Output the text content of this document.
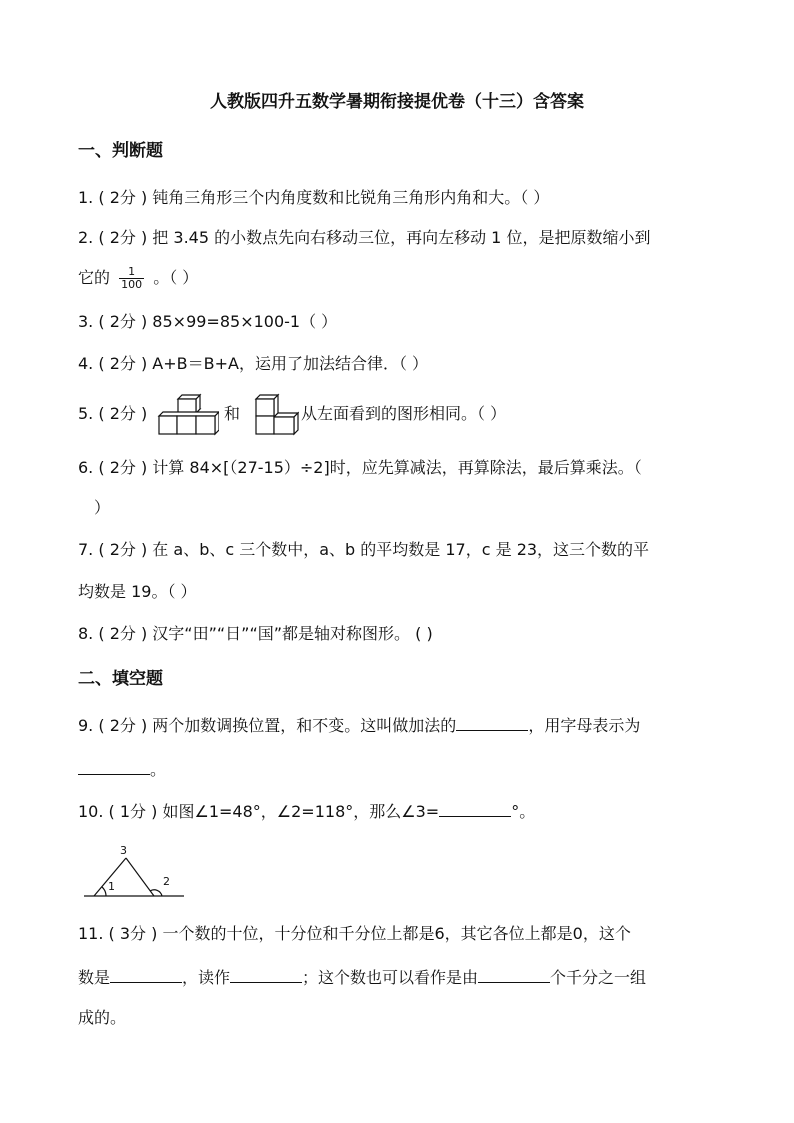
人教版四升五数学暑期衔接提优卷（十三）含答案
一、判断题
1. ( 2分 ) 钝角三角形三个内角度数和比锐角三角形内角和大。（ ）
2. ( 2分 ) 把 3.45 的小数点先向右移动三位，再向左移动 1 位，是把原数缩小到
它的 $\frac{1}{100}$ 。（ ）
3. ( 2分 ) 85×99=85×100-1（ ）
4. ( 2分 ) A+B＝B+A，运用了加法结合律．（ ）
5. ( 2分 )	和	从左面看到的图形相同。（ ）
6. ( 2分 ) 计算 84×[（27-15）÷2]时，应先算减法，再算除法，最后算乘法。（
）
7. ( 2分 ) 在 a、b、c 三个数中，a、b 的平均数是 17，c 是 23，这三个数的平
均数是 19。（ ）
8. ( 2分 ) 汉字“田”“日”“国”都是轴对称图形。 ( )
二、填空题
9. ( 2分 ) 两个加数调换位置，和不变。这叫做加法的	，用字母表示为
。
10. ( 1分 ) 如图∠1=48°，∠2=118°，那么∠3=	°。
3
1	2
11. ( 3分 ) 一个数的十位，十分位和千分位上都是6，其它各位上都是0，这个
数是	，读作	；这个数也可以看作是由	个千分之一组
成的。
